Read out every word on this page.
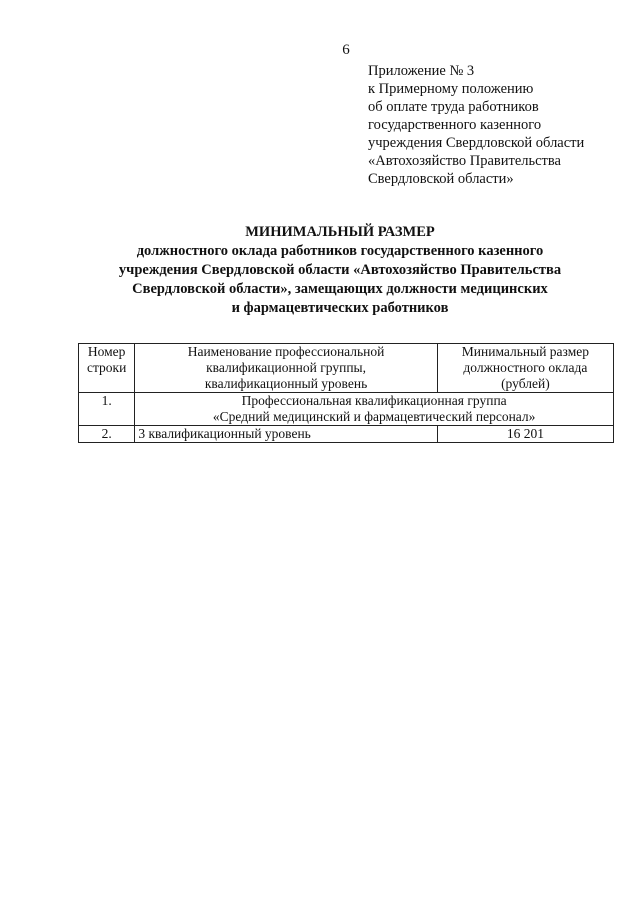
6
Приложение № 3
к Примерному положению
об оплате труда работников
государственного казенного
учреждения Свердловской области
«Автохозяйство Правительства
Свердловской области»
МИНИМАЛЬНЫЙ РАЗМЕР
должностного оклада работников государственного казенного
учреждения Свердловской области «Автохозяйство Правительства
Свердловской области», замещающих должности медицинских
и фармацевтических работников
Номер
строки	Наименование профессиональной
квалификационной группы,
квалификационный уровень	Минимальный размер
должностного оклада
(рублей)

1.	Профессиональная квалификационная группа
«Средний медицинский и фармацевтический персонал»	

2.	3 квалификационный уровень	16 201
